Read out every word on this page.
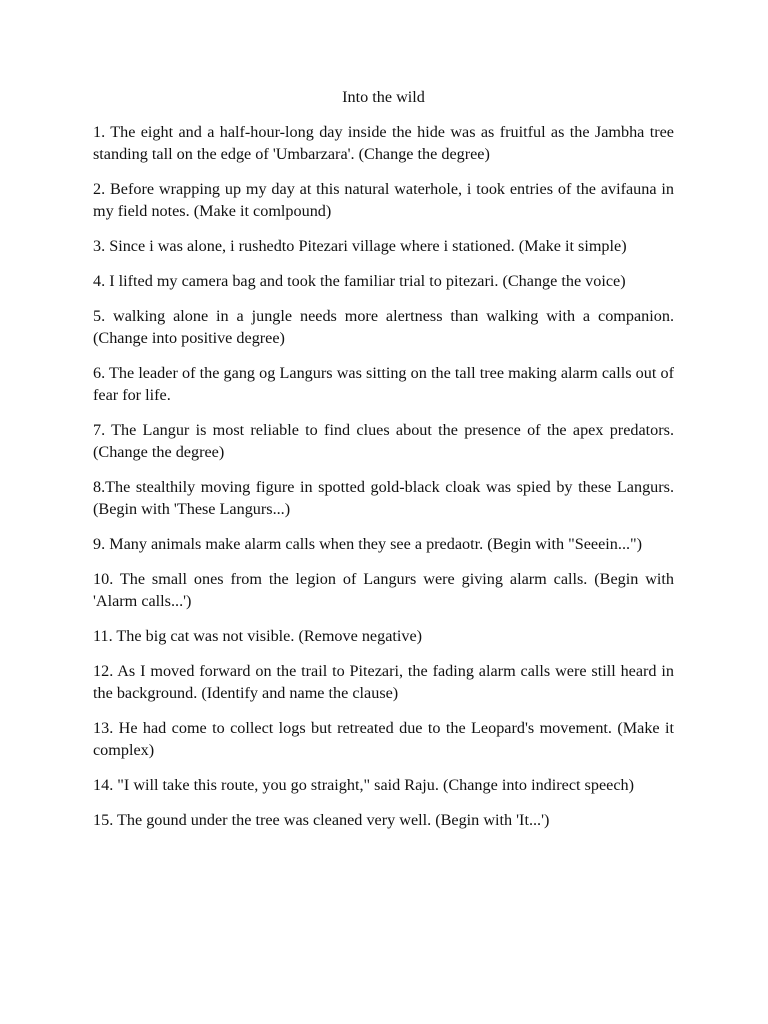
Into the wild

1. The eight and a half-hour-long day inside the hide was as fruitful as the Jambha tree standing tall on the edge of 'Umbarzara'. (Change the degree)

2. Before wrapping up my day at this natural waterhole, i took entries of the avifauna in my field notes. (Make it comlpound)

3. Since i was alone, i rushedto Pitezari village where i stationed. (Make it simple)

4. I lifted my camera bag and took the familiar trial to pitezari. (Change the voice)

5. walking alone in a jungle needs more alertness than walking with a companion. (Change into positive degree)

6. The leader of the gang og Langurs was sitting on the tall tree making alarm calls out of fear for life.

7. The Langur is most reliable to find clues about the presence of the apex predators. (Change the degree)

8.The stealthily moving figure in spotted gold-black cloak was spied by these Langurs. (Begin with 'These Langurs...)

9. Many animals make alarm calls when they see a predaotr. (Begin with "Seeein...")

10. The small ones from the legion of Langurs were giving alarm calls. (Begin with 'Alarm calls...')

11. The big cat was not visible. (Remove negative)

12. As I moved forward on the trail to Pitezari, the fading alarm calls were still heard in the background. (Identify and name the clause)

13. He had come to collect logs but retreated due to the Leopard's movement. (Make it complex)

14. "I will take this route, you go straight," said Raju. (Change into indirect speech)

15. The gound under the tree was cleaned very well. (Begin with 'It...')
